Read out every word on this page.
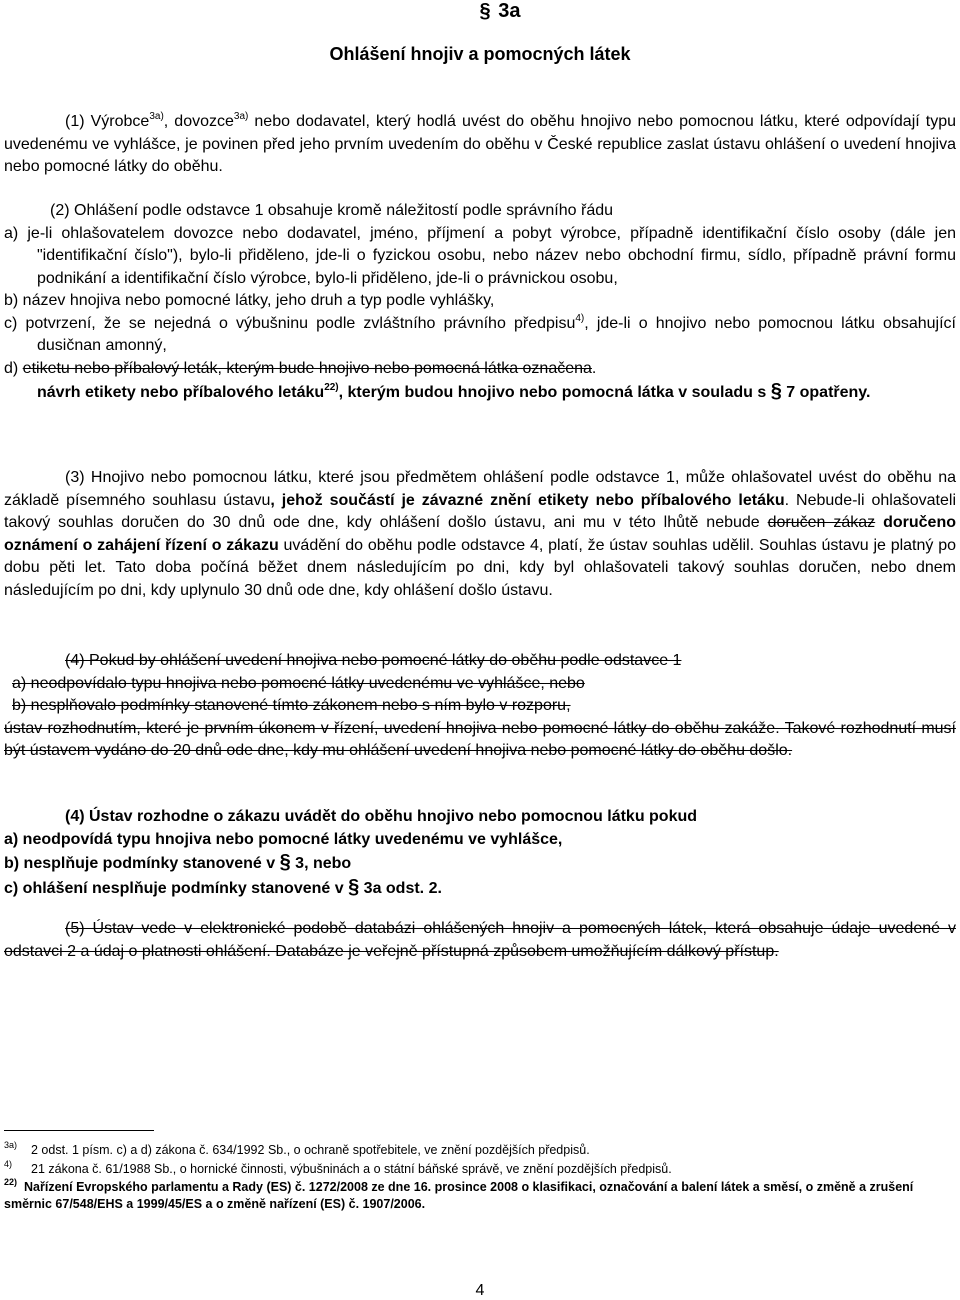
§ 3a
Ohlášení hnojiv a pomocných látek
(1) Výrobce$^{3a)}$, dovozce$^{3a)}$ nebo dodavatel, který hodlá uvést do oběhu hnojivo nebo pomocnou látku, které odpovídají typu uvedenému ve vyhlášce, je povinen před jeho prvním uvedením do oběhu v České republice zaslat ústavu ohlášení o uvedení hnojiva nebo pomocné látky do oběhu.
(2) Ohlášení podle odstavce 1 obsahuje kromě náležitostí podle správního řádu
a) je-li ohlašovatelem dovozce nebo dodavatel, jméno, příjmení a pobyt výrobce, případně identifikační číslo osoby (dále jen "identifikační číslo"), bylo-li přiděleno, jde-li o fyzickou osobu, nebo název nebo obchodní firmu, sídlo, případně právní formu podnikání a identifikační číslo výrobce, bylo-li přiděleno, jde-li o právnickou osobu,
b) název hnojiva nebo pomocné látky, jeho druh a typ podle vyhlášky,
c) potvrzení, že se nejedná o výbušninu podle zvláštního právního předpisu$^{4)}$, jde-li o hnojivo nebo pomocnou látku obsahující dusičnan amonný,
d) etiketu nebo příbalový leták, kterým bude hnojivo nebo pomocná látka označena.
návrh etikety nebo příbalového letáku$^{22)}$, kterým budou hnojivo nebo pomocná látka v souladu s § 7 opatřeny.
(3) Hnojivo nebo pomocnou látku, které jsou předmětem ohlášení podle odstavce 1, může ohlašovatel uvést do oběhu na základě písemného souhlasu ústavu, jehož součástí je závazné znění etikety nebo příbalového letáku. Nebude-li ohlašovateli takový souhlas doručen do 30 dnů ode dne, kdy ohlášení došlo ústavu, ani mu v této lhůtě nebude doručen zákaz doručeno oznámení o zahájení řízení o zákazu uvádění do oběhu podle odstavce 4, platí, že ústav souhlas udělil. Souhlas ústavu je platný po dobu pěti let. Tato doba počíná běžet dnem následujícím po dni, kdy byl ohlašovateli takový souhlas doručen, nebo dnem následujícím po dni, kdy uplynulo 30 dnů ode dne, kdy ohlášení došlo ústavu.
(4) Pokud by ohlášení uvedení hnojiva nebo pomocné látky do oběhu podle odstavce 1
a) neodpovídalo typu hnojiva nebo pomocné látky uvedenému ve vyhlášce, nebo
b) nesplňovalo podmínky stanovené tímto zákonem nebo s ním bylo v rozporu,
ústav rozhodnutím, které je prvním úkonem v řízení, uvedení hnojiva nebo pomocné látky do oběhu zakáže. Takové rozhodnutí musí být ústavem vydáno do 20 dnů ode dne, kdy mu ohlášení uvedení hnojiva nebo pomocné látky do oběhu došlo.
(4) Ústav rozhodne o zákazu uvádět do oběhu hnojivo nebo pomocnou látku pokud
a) neodpovídá typu hnojiva nebo pomocné látky uvedenému ve vyhlášce,
b) nesplňuje podmínky stanovené v § 3, nebo
c) ohlášení nesplňuje podmínky stanovené v § 3a odst. 2.
(5) Ústav vede v elektronické podobě databázi ohlášených hnojiv a pomocných látek, která obsahuje údaje uvedené v odstavci 2 a údaj o platnosti ohlášení. Databáze je veřejně přístupná způsobem umožňujícím dálkový přístup.
3a) 2 odst. 1 písm. c) a d) zákona č. 634/1992 Sb., o ochraně spotřebitele, ve znění pozdějších předpisů.
4) 21 zákona č. 61/1988 Sb., o hornické činnosti, výbušninách a o státní báňské správě, ve znění pozdějších předpisů.
22) Nařízení Evropského parlamentu a Rady (ES) č. 1272/2008 ze dne 16. prosince 2008 o klasifikaci, označování a balení látek a směsí, o změně a zrušení směrnic 67/548/EHS a 1999/45/ES a o změně nařízení (ES) č. 1907/2006.
4
